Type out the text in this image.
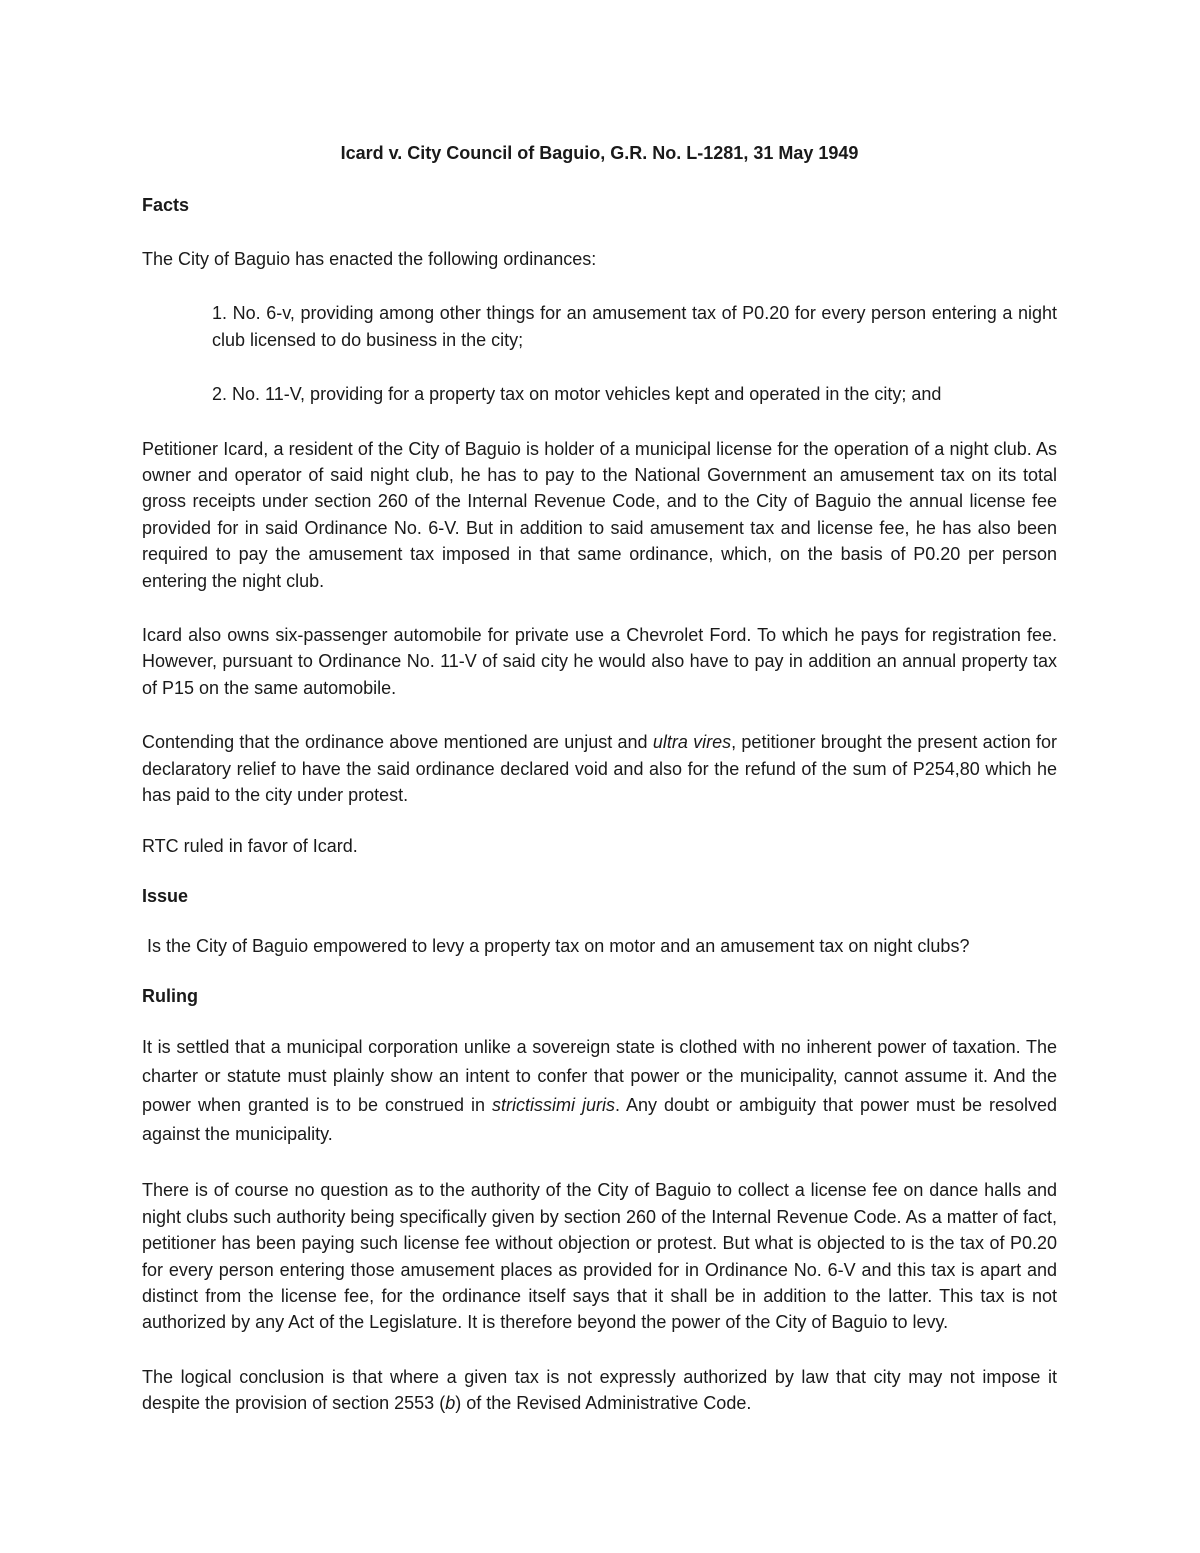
Icard v. City Council of Baguio, G.R. No. L-1281, 31 May 1949

Facts

The City of Baguio has enacted the following ordinances:

1. No. 6-v, providing among other things for an amusement tax of P0.20 for every person entering a night club licensed to do business in the city;

2. No. 11-V, providing for a property tax on motor vehicles kept and operated in the city; and

Petitioner Icard, a resident of the City of Baguio is holder of a municipal license for the operation of a night club. As owner and operator of said night club, he has to pay to the National Government an amusement tax on its total gross receipts under section 260 of the Internal Revenue Code, and to the City of Baguio the annual license fee provided for in said Ordinance No. 6-V. But in addition to said amusement tax and license fee, he has also been required to pay the amusement tax imposed in that same ordinance, which, on the basis of P0.20 per person entering the night club.

Icard also owns six-passenger automobile for private use a Chevrolet Ford. To which he pays for registration fee. However, pursuant to Ordinance No. 11-V of said city he would also have to pay in addition an annual property tax of P15 on the same automobile.

Contending that the ordinance above mentioned are unjust and ultra vires, petitioner brought the present action for declaratory relief to have the said ordinance declared void and also for the refund of the sum of P254,80 which he has paid to the city under protest.

RTC ruled in favor of Icard.

Issue

Is the City of Baguio empowered to levy a property tax on motor and an amusement tax on night clubs?

Ruling

It is settled that a municipal corporation unlike a sovereign state is clothed with no inherent power of taxation. The charter or statute must plainly show an intent to confer that power or the municipality, cannot assume it. And the power when granted is to be construed in strictissimi juris. Any doubt or ambiguity that power must be resolved against the municipality.

There is of course no question as to the authority of the City of Baguio to collect a license fee on dance halls and night clubs such authority being specifically given by section 260 of the Internal Revenue Code. As a matter of fact, petitioner has been paying such license fee without objection or protest. But what is objected to is the tax of P0.20 for every person entering those amusement places as provided for in Ordinance No. 6-V and this tax is apart and distinct from the license fee, for the ordinance itself says that it shall be in addition to the latter. This tax is not authorized by any Act of the Legislature. It is therefore beyond the power of the City of Baguio to levy.

The logical conclusion is that where a given tax is not expressly authorized by law that city may not impose it despite the provision of section 2553 (b) of the Revised Administrative Code.
